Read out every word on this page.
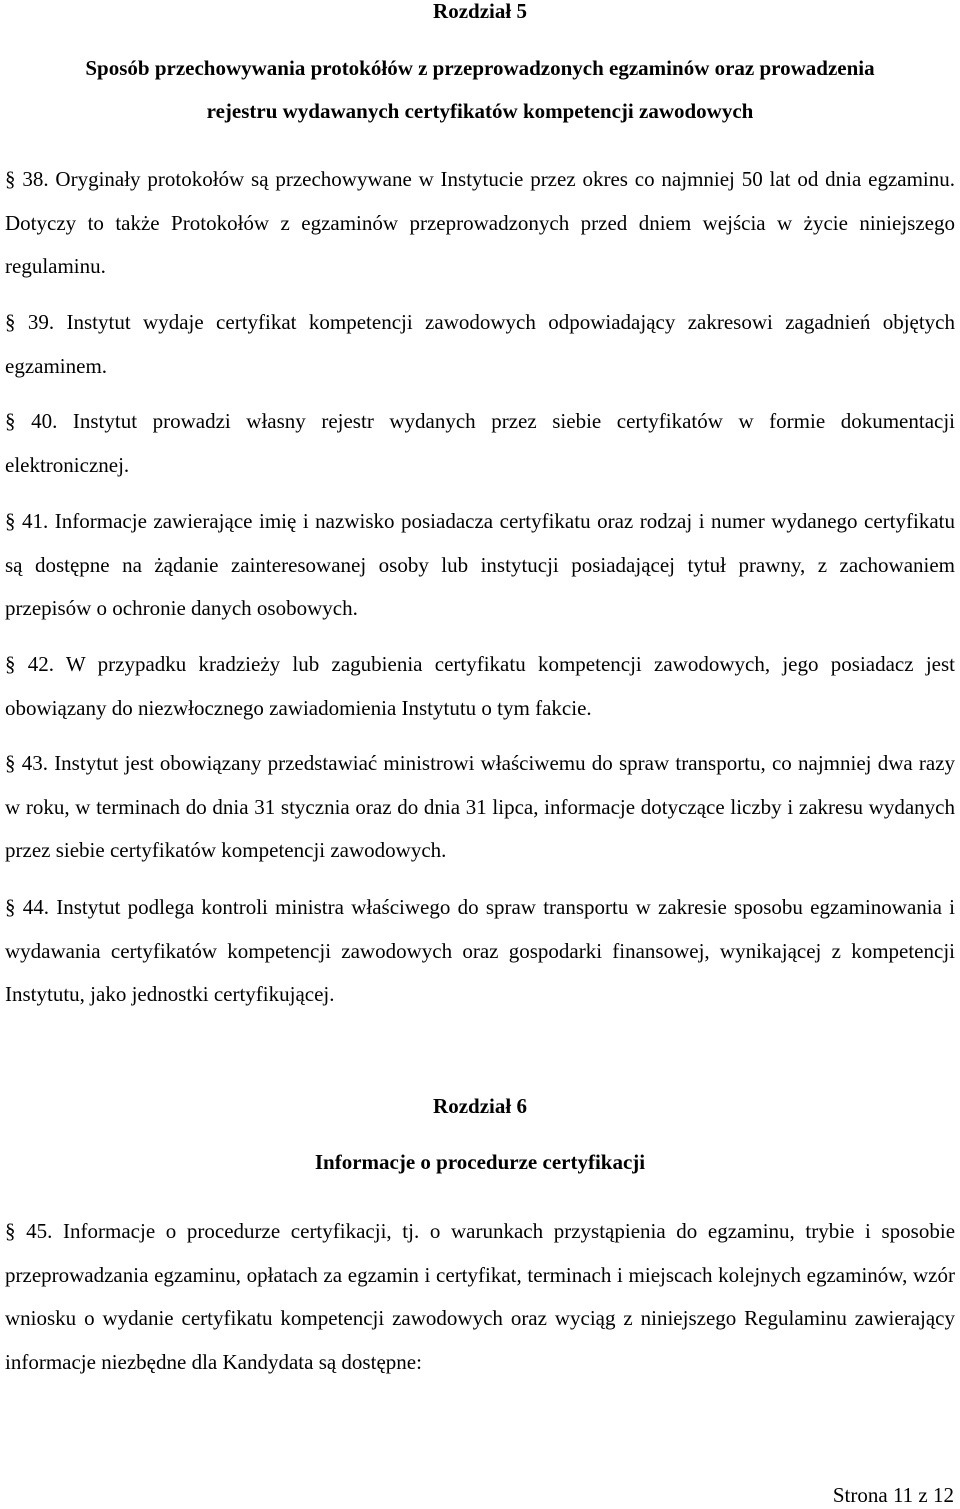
Rozdział 5
Sposób przechowywania protokółów z przeprowadzonych egzaminów oraz prowadzenia
rejestru wydawanych certyfikatów kompetencji zawodowych

§ 38. Oryginały protokołów są przechowywane w Instytucie przez okres co najmniej 50 lat od dnia egzaminu. Dotyczy to także Protokołów z egzaminów przeprowadzonych przed dniem wejścia w życie niniejszego regulaminu.

§ 39. Instytut wydaje certyfikat kompetencji zawodowych odpowiadający zakresowi zagadnień objętych egzaminem.

§ 40. Instytut prowadzi własny rejestr wydanych przez siebie certyfikatów w formie dokumentacji elektronicznej.

§ 41. Informacje zawierające imię i nazwisko posiadacza certyfikatu oraz rodzaj i numer wydanego certyfikatu są dostępne na żądanie zainteresowanej osoby lub instytucji posiadającej tytuł prawny, z zachowaniem przepisów o ochronie danych osobowych.

§ 42. W przypadku kradzieży lub zagubienia certyfikatu kompetencji zawodowych, jego posiadacz jest obowiązany do niezwłocznego zawiadomienia Instytutu o tym fakcie.

§ 43. Instytut jest obowiązany przedstawiać ministrowi właściwemu do spraw transportu, co najmniej dwa razy w roku, w terminach do dnia 31 stycznia oraz do dnia 31 lipca, informacje dotyczące liczby i zakresu wydanych przez siebie certyfikatów kompetencji zawodowych.

§ 44. Instytut podlega kontroli ministra właściwego do spraw transportu w zakresie sposobu egzaminowania i wydawania certyfikatów kompetencji zawodowych oraz gospodarki finansowej, wynikającej z kompetencji Instytutu, jako jednostki certyfikującej.

Rozdział 6
Informacje o procedurze certyfikacji

§ 45. Informacje o procedurze certyfikacji, tj. o warunkach przystąpienia do egzaminu, trybie i sposobie przeprowadzania egzaminu, opłatach za egzamin i certyfikat, terminach i miejscach kolejnych egzaminów, wzór wniosku o wydanie certyfikatu kompetencji zawodowych oraz wyciąg z niniejszego Regulaminu zawierający informacje niezbędne dla Kandydata są dostępne:

Strona 11 z 12
